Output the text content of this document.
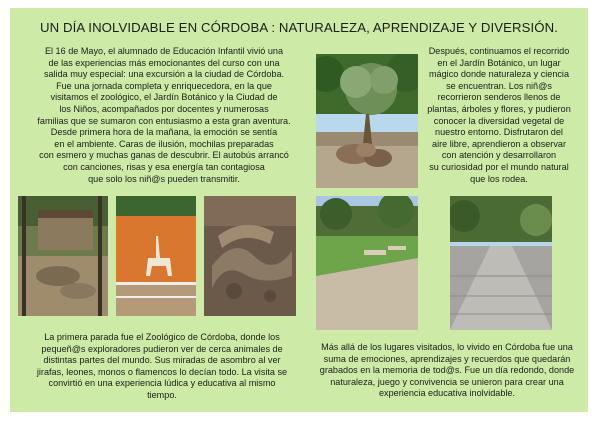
UN DÍA INOLVIDABLE EN CÓRDOBA : NATURALEZA, APRENDIZAJE Y DIVERSIÓN.
El 16 de Mayo, el alumnado de Educación Infantil vivió una
de las experiencias más emocionantes del curso con una
salida muy especial: una excursión a la ciudad de Córdoba.
Fue una jornada completa y enriquecedora, en la que
visitamos el zoológico, el Jardín Botánico y la Ciudad de
los Niños, acompañados por docentes y numerosas
familias que se sumaron con entusiasmo a esta gran aventura.
Desde primera hora de la mañana, la emoción se sentía
en el ambiente. Caras de ilusión, mochilas preparadas
con esmero y muchas ganas de descubrir. El autobús arrancó
con canciones, risas y esa energía tan contagiosa
que solo los niñ@s pueden transmitir.
Después, continuamos el recorrido
en el Jardín Botánico, un lugar
mágico donde naturaleza y ciencia
se encuentran. Los niñ@s
recorrieron senderos llenos de
plantas, árboles y flores, y pudieron
conocer la diversidad vegetal de
nuestro entorno. Disfrutaron del
aire libre, aprendieron a observar
con atención y desarrollaron
su curiosidad por el mundo natural
que los rodea.
La primera parada fue el Zoológico de Córdoba, donde los
pequeñ@s exploradores pudieron ver de cerca animales de
distintas partes del mundo. Sus miradas de asombro al ver
jirafas, leones, monos o flamencos lo decían todo. La visita se
convirtió en una experiencia lúdica y educativa al mismo
tiempo.
Más allá de los lugares visitados, lo vivido en Córdoba fue una
suma de emociones, aprendizajes y recuerdos que quedarán
grabados en la memoria de tod@s. Fue un día redondo, donde
naturaleza, juego y convivencia se unieron para crear una
experiencia educativa inolvidable.
